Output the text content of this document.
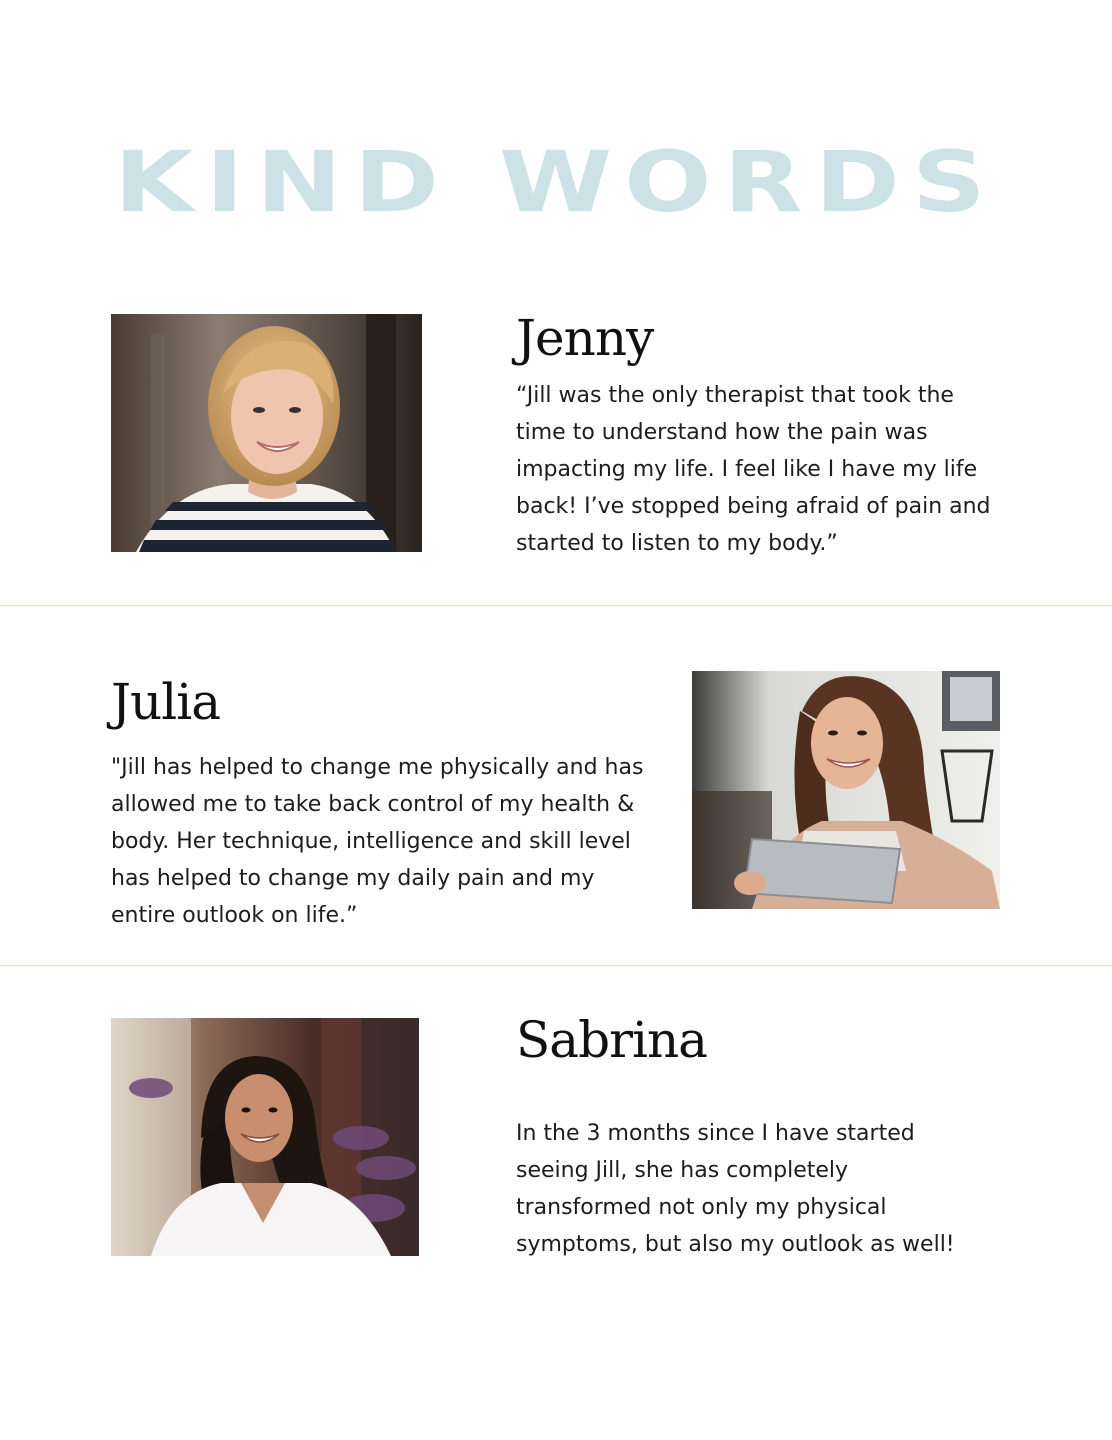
KIND WORDS
Jenny

“Jill was the only therapist that took the time to understand how the pain was impacting my life. I feel like I have my life back! I’ve stopped being afraid of pain and started to listen to my body.”

Julia

"Jill has helped to change me physically and has allowed me to take back control of my health & body. Her technique, intelligence and skill level has helped to change my daily pain and my entire outlook on life.”

Sabrina

In the 3 months since I have started seeing Jill, she has completely transformed not only my physical symptoms, but also my outlook as well!
